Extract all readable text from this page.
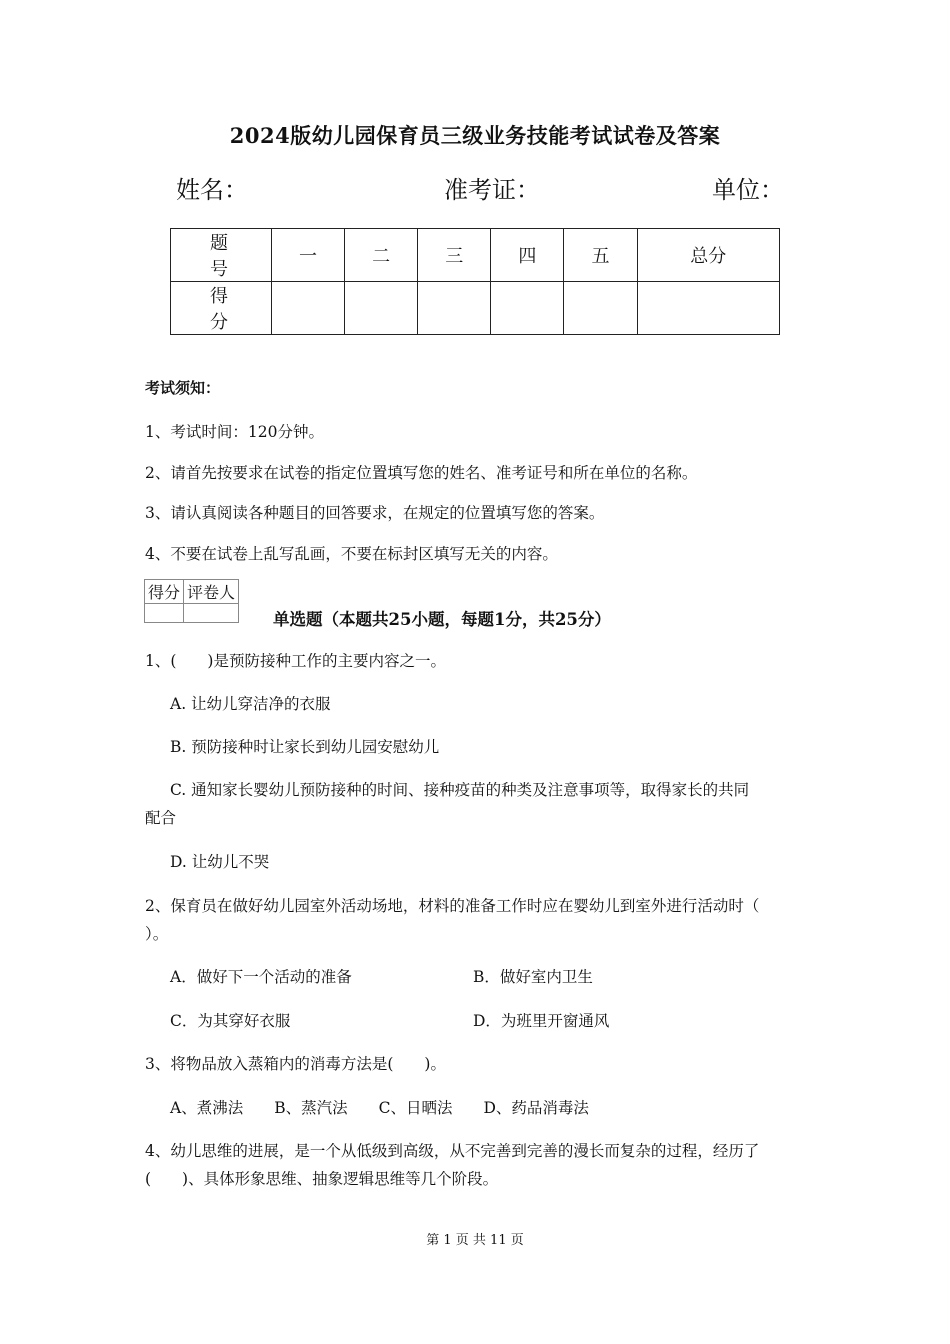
2024版幼儿园保育员三级业务技能考试试卷及答案
姓名：	准考证：	单位：
题　号	一	二	三	四	五	总分
得　分						
考试须知：
1、考试时间：120分钟。
2、请首先按要求在试卷的指定位置填写您的姓名、准考证号和所在单位的名称。
3、请认真阅读各种题目的回答要求，在规定的位置填写您的答案。
4、不要在试卷上乱写乱画，不要在标封区填写无关的内容。
得分	评卷人

单选题（本题共25小题，每题1分，共25分）
1、(　　)是预防接种工作的主要内容之一。
A. 让幼儿穿洁净的衣服
B. 预防接种时让家长到幼儿园安慰幼儿
C. 通知家长婴幼儿预防接种的时间、接种疫苗的种类及注意事项等，取得家长的共同
配合
D. 让幼儿不哭
2、保育员在做好幼儿园室外活动场地，材料的准备工作时应在婴幼儿到室外进行活动时（
）。
A．做好下一个活动的准备	B．做好室内卫生
C．为其穿好衣服	D．为班里开窗通风
3、将物品放入蒸箱内的消毒方法是(　　)。
A、煮沸法　　B、蒸汽法　　C、日晒法　　D、药品消毒法
4、幼儿思维的进展，是一个从低级到高级，从不完善到完善的漫长而复杂的过程，经历了
(　　)、具体形象思维、抽象逻辑思维等几个阶段。
第 1 页 共 11 页
